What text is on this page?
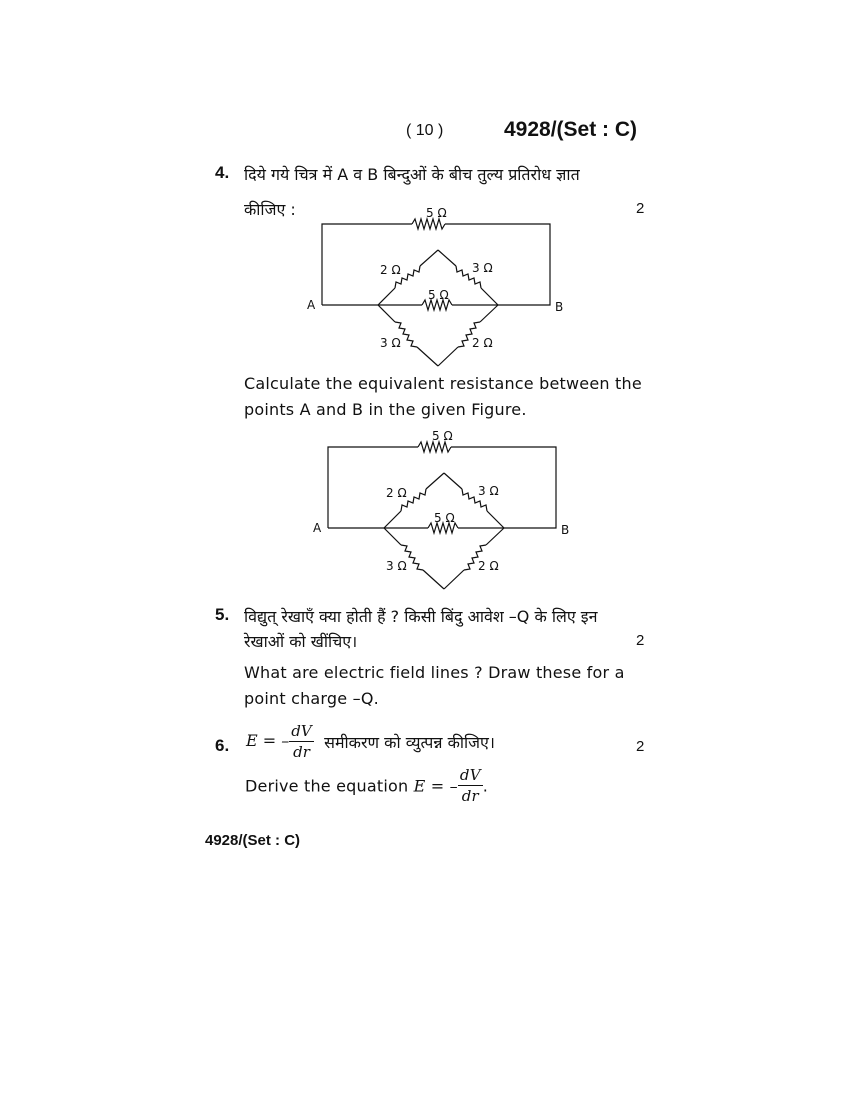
( 10 )	4928/(Set : C)
4. दिये गये चित्र में A व B बिन्दुओं के बीच तुल्य प्रतिरोध ज्ञात
कीजिए :	2
5 Ω
2 Ω	3 Ω
5 Ω
3 Ω	2 Ω
A	B
Calculate the equivalent resistance between the
points A and B in the given Figure.
5 Ω
2 Ω	3 Ω
5 Ω
3 Ω	2 Ω
A	B
5. विद्युत् रेखाएँ क्या होती हैं ? किसी बिंदु आवेश –Q के लिए इन
रेखाओं को खींचिए।	2
What are electric field lines ? Draw these for a
point charge –Q.
6. E = – $\frac{dV}{dr}$ समीकरण को व्युत्पन्न कीजिए।	2
Derive the equation E = – $\frac{dV}{dr}$ .
4928/(Set : C)
